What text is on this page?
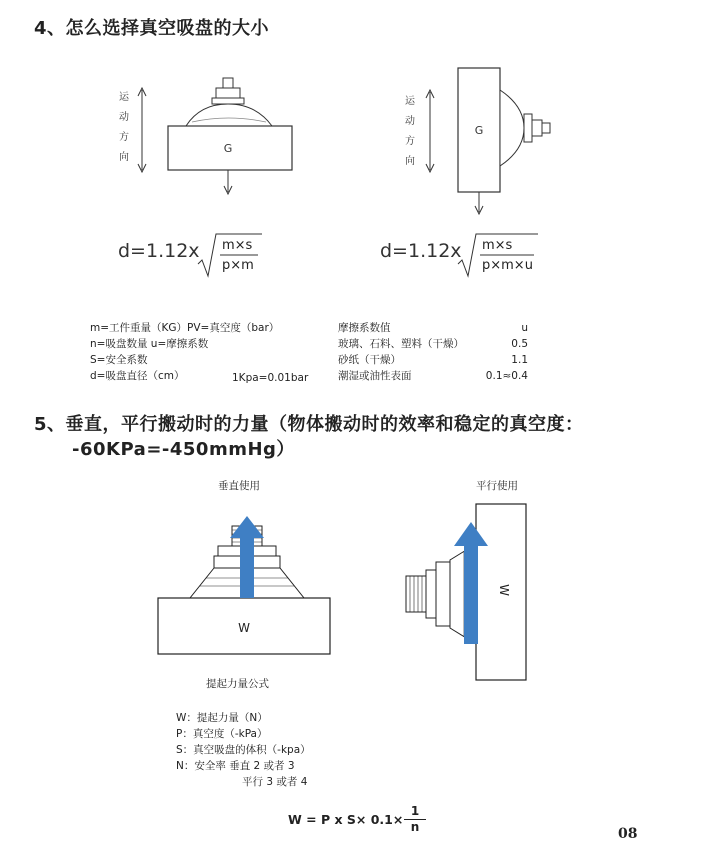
4、怎么选择真空吸盘的大小
G
运
动
方
向
G
运
动
方
向
d=1.12x m×s
p×m
d=1.12x m×s
p×m×u
m=工件重量（KG）PV=真空度（bar）
n=吸盘数量 u=摩擦系数
S=安全系数
d=吸盘直径（cm）	1Kpa=0.01bar
摩擦系数值	u
玻璃、石料、塑料（干燥）	0.5
砂纸（干燥）	1.1
潮湿或油性表面	0.1≈0.4
5、垂直，平行搬动时的力量（物体搬动时的效率和稳定的真空度：
-60KPa=-450mmHg）
垂直使用	平行使用
W
W
提起力量公式
W：提起力量（N）
P：真空度（-kPa）
S：真空吸盘的体积（-kpa）
N：安全率 垂直 2 或者 3
平行 3 或者 4
W = P x S× 0.1×
1
n	08
